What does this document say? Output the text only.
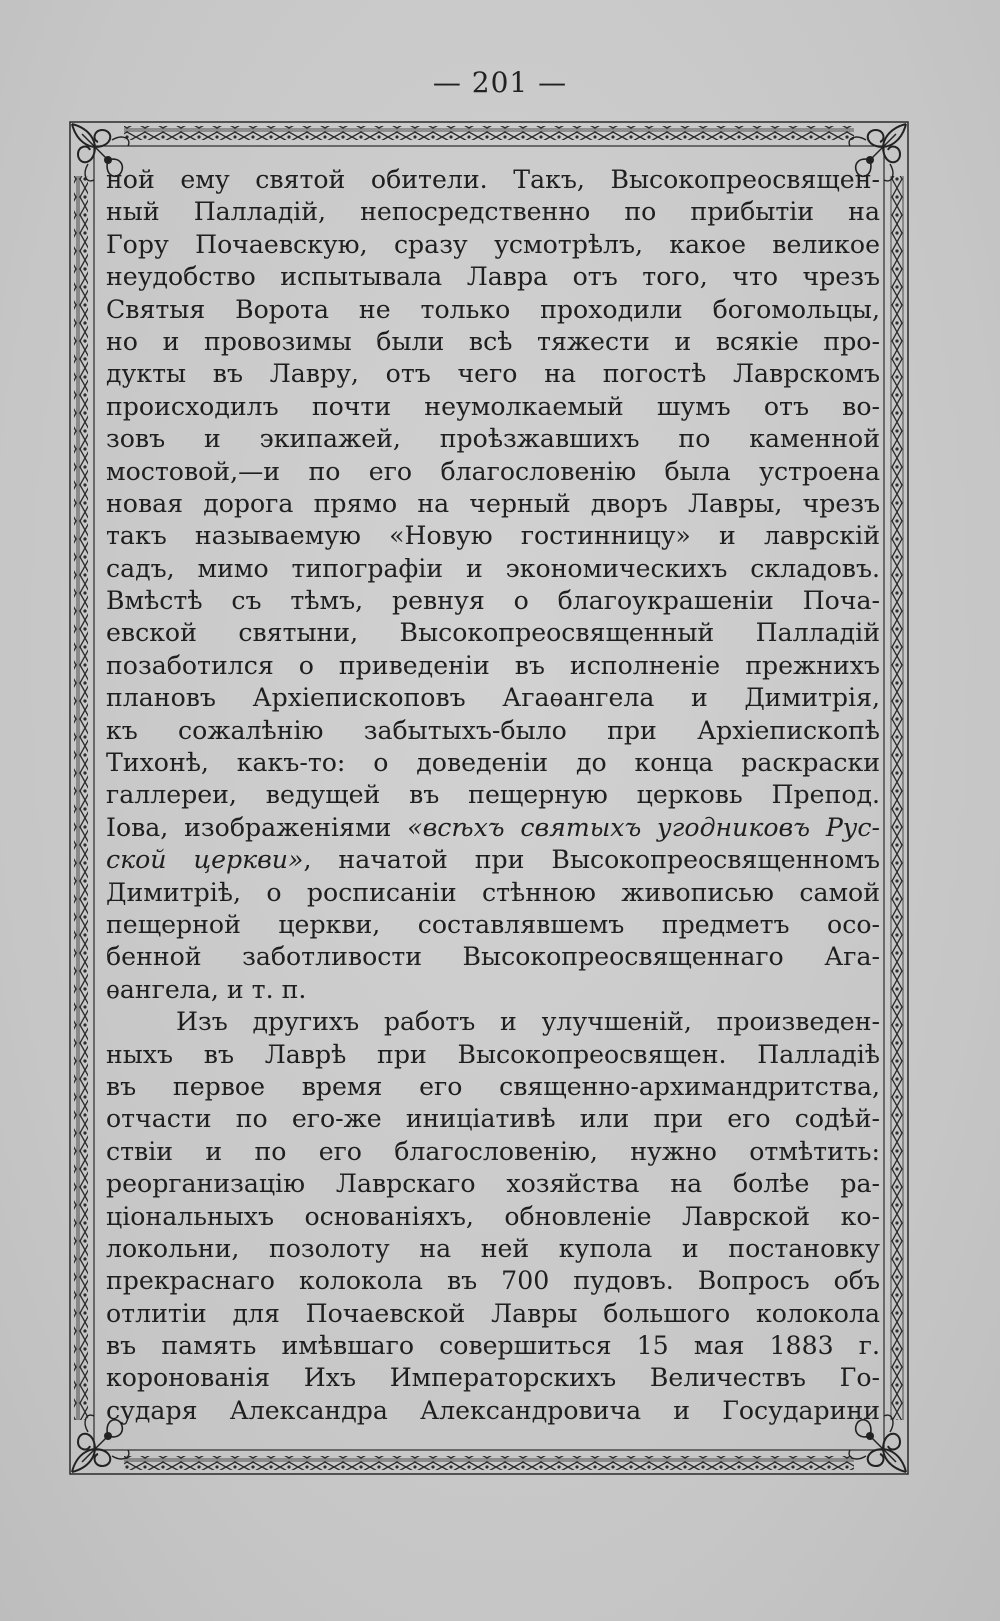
— 201 —
ной ему святой обители. Такъ, Высокопреосвящен-
ный Палладій, непосредственно по прибытіи на
Гору Почаевскую, сразу усмотрѣлъ, какое великое
неудобство испытывала Лавра отъ того, что чрезъ
Святыя Ворота не только проходили богомольцы,
но и провозимы были всѣ тяжести и всякіе про-
дукты въ Лавру, отъ чего на погостѣ Лаврскомъ
происходилъ почти неумолкаемый шумъ отъ во-
зовъ и экипажей, проѣзжавшихъ по каменной
мостовой,—и по его благословенію была устроена
новая дорога прямо на черный дворъ Лавры, чрезъ
такъ называемую «Новую гостинницу» и лаврскій
садъ, мимо типографіи и экономическихъ складовъ.
Вмѣстѣ съ тѣмъ, ревнуя о благоукрашеніи Поча-
евской святыни, Высокопреосвященный Палладій
позаботился о приведеніи въ исполненіе прежнихъ
плановъ Архіепископовъ Агаѳангела и Димитрія,
къ сожалѣнію забытыхъ-было при Архіепископѣ
Тихонѣ, какъ-то: о доведеніи до конца раскраски
галлереи, ведущей въ пещерную церковь Препод.
Іова, изображеніями «всѣхъ святыхъ угодниковъ Рус-
ской церкви», начатой при Высокопреосвященномъ
Димитріѣ, о росписаніи стѣнною живописью самой
пещерной церкви, составлявшемъ предметъ осо-
бенной заботливости Высокопреосвященнаго Ага-
ѳангела, и т. п.
Изъ другихъ работъ и улучшеній, произведен-
ныхъ въ Лаврѣ при Высокопреосвящен. Палладіѣ
въ первое время его священно-архимандритства,
отчасти по его-же иниціативѣ или при его содѣй-
ствіи и по его благословенію, нужно отмѣтить:
реорганизацію Лаврскаго хозяйства на болѣе ра-
ціональныхъ основаніяхъ, обновленіе Лаврской ко-
локольни, позолоту на ней купола и постановку
прекраснаго колокола въ 700 пудовъ. Вопросъ объ
отлитіи для Почаевской Лавры большого колокола
въ память имѣвшаго совершиться 15 мая 1883 г.
коронованія Ихъ Императорскихъ Величествъ Го-
сударя Александра Александровича и Государини
